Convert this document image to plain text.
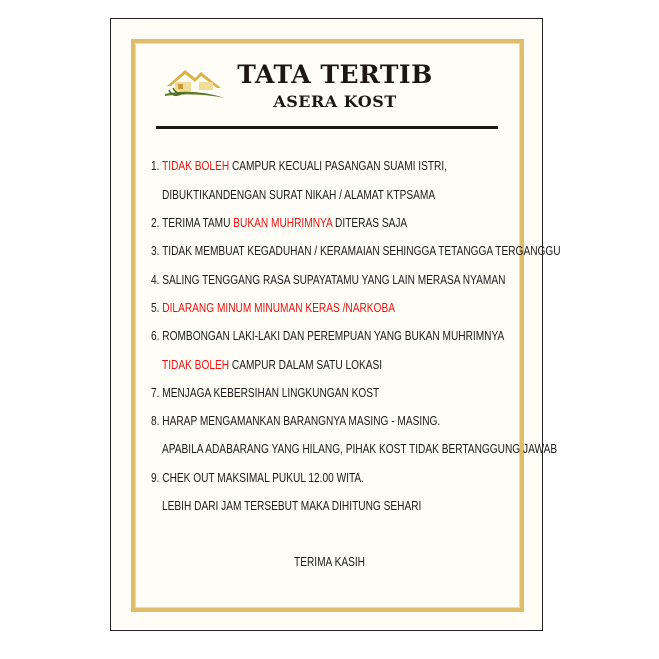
TATA TERTIB
ASERA KOST
1. TIDAK BOLEH CAMPUR KECUALI PASANGAN SUAMI ISTRI,
DIBUKTIKANDENGAN SURAT NIKAH / ALAMAT KTPSAMA
2. TERIMA TAMU BUKAN MUHRIMNYA DITERAS SAJA
3. TIDAK MEMBUAT KEGADUHAN / KERAMAIAN SEHINGGA TETANGGA TERGANGGU
4. SALING TENGGANG RASA SUPAYATAMU YANG LAIN MERASA NYAMAN
5. DILARANG MINUM MINUMAN KERAS /NARKOBA
6. ROMBONGAN LAKI-LAKI DAN PEREMPUAN YANG BUKAN MUHRIMNYA
TIDAK BOLEH CAMPUR DALAM SATU LOKASI
7. MENJAGA KEBERSIHAN LINGKUNGAN KOST
8. HARAP MENGAMANKAN BARANGNYA MASING - MASING.
APABILA ADABARANG YANG HILANG, PIHAK KOST TIDAK BERTANGGUNG JAWAB
9. CHEK OUT MAKSIMAL PUKUL 12.00 WITA.
LEBIH DARI JAM TERSEBUT MAKA DIHITUNG SEHARI
TERIMA KASIH
